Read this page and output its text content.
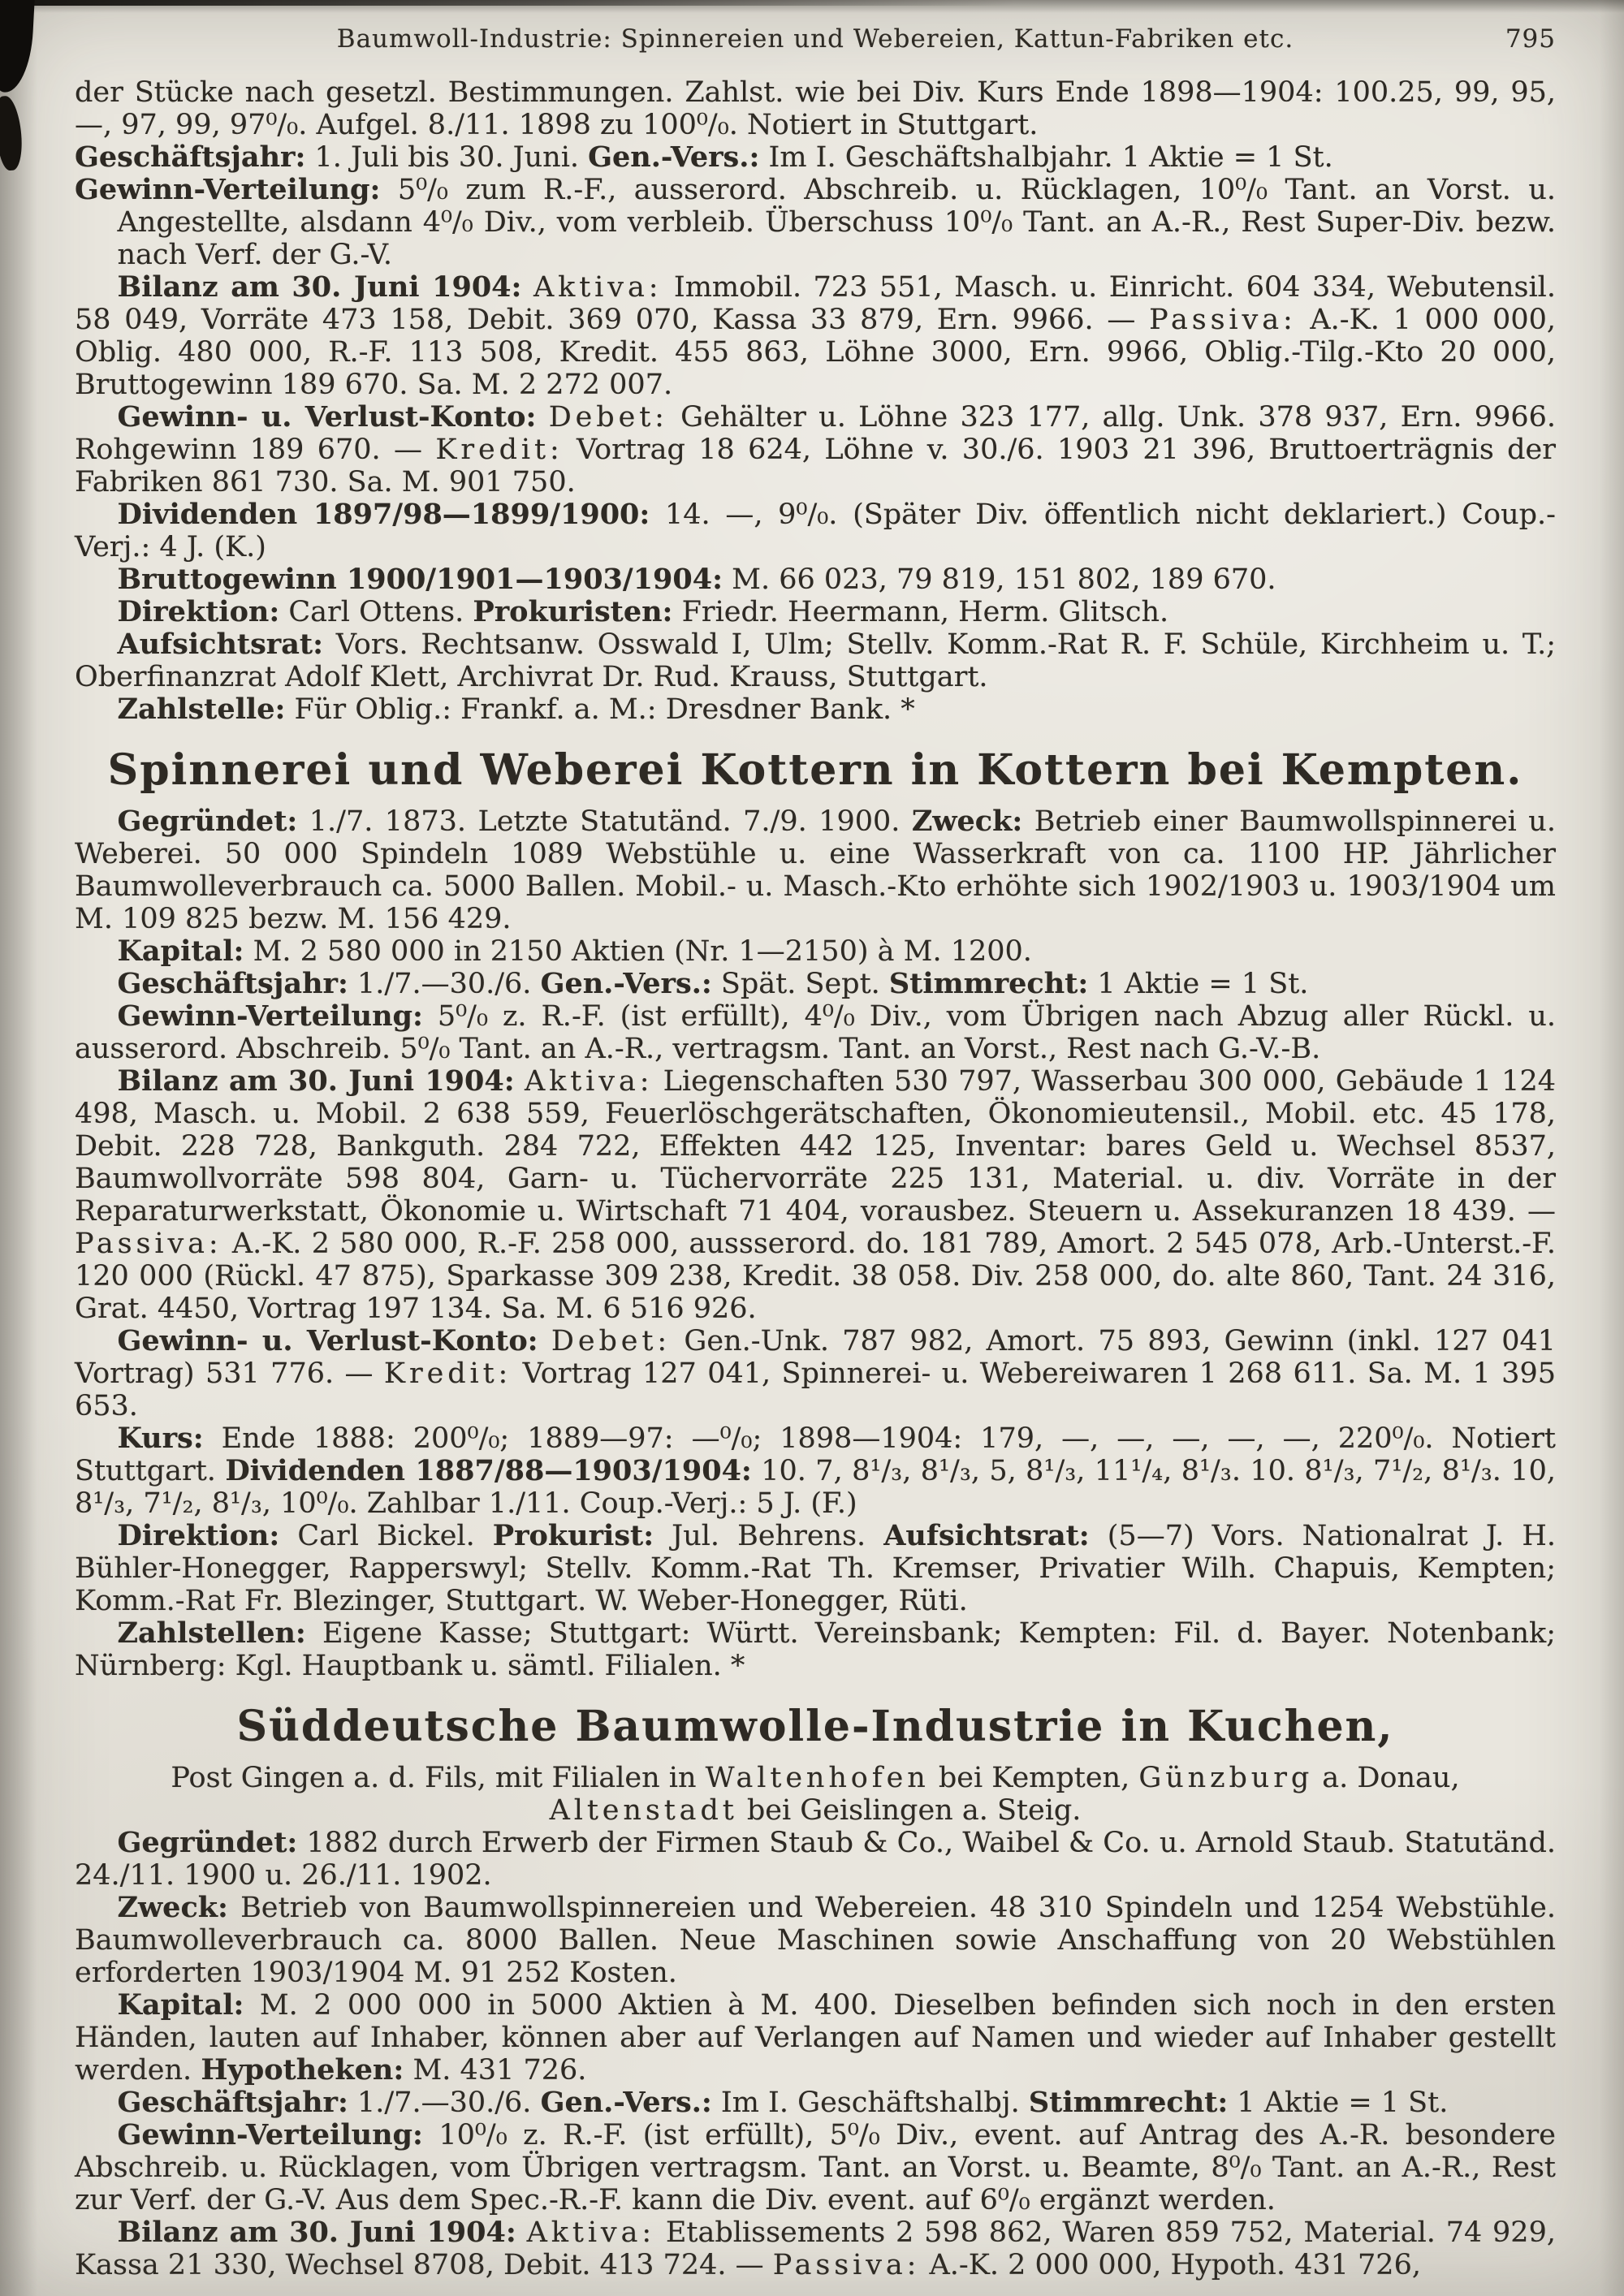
Baumwoll-Industrie: Spinnereien und Webereien, Kattun-Fabriken etc.	795

der Stücke nach gesetzl. Bestimmungen. Zahlst. wie bei Div. Kurs Ende 1898—1904: 100.25, 99, 95, —, 97, 99, 97⁰/₀. Aufgel. 8./11. 1898 zu 100⁰/₀. Notiert in Stuttgart.

Geschäftsjahr: 1. Juli bis 30. Juni. Gen.-Vers.: Im I. Geschäftshalbjahr. 1 Aktie = 1 St.

Gewinn-Verteilung: 5⁰/₀ zum R.-F., ausserord. Abschreib. u. Rücklagen, 10⁰/₀ Tant. an Vorst. u. Angestellte, alsdann 4⁰/₀ Div., vom verbleib. Überschuss 10⁰/₀ Tant. an A.-R., Rest Super-Div. bezw. nach Verf. der G.-V.

Bilanz am 30. Juni 1904: Aktiva: Immobil. 723 551, Masch. u. Einricht. 604 334, Webutensil. 58 049, Vorräte 473 158, Debit. 369 070, Kassa 33 879, Ern. 9966. — Passiva: A.-K. 1 000 000, Oblig. 480 000, R.-F. 113 508, Kredit. 455 863, Löhne 3000, Ern. 9966, Oblig.-Tilg.-Kto 20 000, Bruttogewinn 189 670. Sa. M. 2 272 007.

Gewinn- u. Verlust-Konto: Debet: Gehälter u. Löhne 323 177, allg. Unk. 378 937, Ern. 9966. Rohgewinn 189 670. — Kredit: Vortrag 18 624, Löhne v. 30./6. 1903 21 396, Bruttoerträgnis der Fabriken 861 730. Sa. M. 901 750.

Dividenden 1897/98—1899/1900: 14. —, 9⁰/₀. (Später Div. öffentlich nicht deklariert.) Coup.-Verj.: 4 J. (K.)

Bruttogewinn 1900/1901—1903/1904: M. 66 023, 79 819, 151 802, 189 670.

Direktion: Carl Ottens. Prokuristen: Friedr. Heermann, Herm. Glitsch.

Aufsichtsrat: Vors. Rechtsanw. Osswald I, Ulm; Stellv. Komm.-Rat R. F. Schüle, Kirchheim u. T.; Oberfinanzrat Adolf Klett, Archivrat Dr. Rud. Krauss, Stuttgart.

Zahlstelle: Für Oblig.: Frankf. a. M.: Dresdner Bank. *

Spinnerei und Weberei Kottern in Kottern bei Kempten.

Gegründet: 1./7. 1873. Letzte Statutänd. 7./9. 1900. Zweck: Betrieb einer Baumwollspinnerei u. Weberei. 50 000 Spindeln 1089 Webstühle u. eine Wasserkraft von ca. 1100 HP. Jährlicher Baumwolleverbrauch ca. 5000 Ballen. Mobil.- u. Masch.-Kto erhöhte sich 1902/1903 u. 1903/1904 um M. 109 825 bezw. M. 156 429.

Kapital: M. 2 580 000 in 2150 Aktien (Nr. 1—2150) à M. 1200.

Geschäftsjahr: 1./7.—30./6. Gen.-Vers.: Spät. Sept. Stimmrecht: 1 Aktie = 1 St.

Gewinn-Verteilung: 5⁰/₀ z. R.-F. (ist erfüllt), 4⁰/₀ Div., vom Übrigen nach Abzug aller Rückl. u. ausserord. Abschreib. 5⁰/₀ Tant. an A.-R., vertragsm. Tant. an Vorst., Rest nach G.-V.-B.

Bilanz am 30. Juni 1904: Aktiva: Liegenschaften 530 797, Wasserbau 300 000, Gebäude 1 124 498, Masch. u. Mobil. 2 638 559, Feuerlöschgerätschaften, Ökonomieutensil., Mobil. etc. 45 178, Debit. 228 728, Bankguth. 284 722, Effekten 442 125, Inventar: bares Geld u. Wechsel 8537, Baumwollvorräte 598 804, Garn- u. Tüchervorräte 225 131, Material. u. div. Vorräte in der Reparaturwerkstatt, Ökonomie u. Wirtschaft 71 404, vorausbez. Steuern u. Assekuranzen 18 439. — Passiva: A.-K. 2 580 000, R.-F. 258 000, aussserord. do. 181 789, Amort. 2 545 078, Arb.-Unterst.-F. 120 000 (Rückl. 47 875), Sparkasse 309 238, Kredit. 38 058. Div. 258 000, do. alte 860, Tant. 24 316, Grat. 4450, Vortrag 197 134. Sa. M. 6 516 926.

Gewinn- u. Verlust-Konto: Debet: Gen.-Unk. 787 982, Amort. 75 893, Gewinn (inkl. 127 041 Vortrag) 531 776. — Kredit: Vortrag 127 041, Spinnerei- u. Webereiwaren 1 268 611. Sa. M. 1 395 653.

Kurs: Ende 1888: 200⁰/₀; 1889—97: —⁰/₀; 1898—1904: 179, —, —, —, —, —, 220⁰/₀. Notiert Stuttgart. Dividenden 1887/88—1903/1904: 10. 7, 8¹/₃, 8¹/₃, 5, 8¹/₃, 11¹/₄, 8¹/₃. 10. 8¹/₃, 7¹/₂, 8¹/₃. 10, 8¹/₃, 7¹/₂, 8¹/₃, 10⁰/₀. Zahlbar 1./11. Coup.-Verj.: 5 J. (F.)

Direktion: Carl Bickel. Prokurist: Jul. Behrens. Aufsichtsrat: (5—7) Vors. Nationalrat J. H. Bühler-Honegger, Rapperswyl; Stellv. Komm.-Rat Th. Kremser, Privatier Wilh. Chapuis, Kempten; Komm.-Rat Fr. Blezinger, Stuttgart. W. Weber-Honegger, Rüti.

Zahlstellen: Eigene Kasse; Stuttgart: Württ. Vereinsbank; Kempten: Fil. d. Bayer. Notenbank; Nürnberg: Kgl. Hauptbank u. sämtl. Filialen. *

Süddeutsche Baumwolle-Industrie in Kuchen,

Post Gingen a. d. Fils, mit Filialen in Waltenhofen bei Kempten, Günzburg a. Donau, Altenstadt bei Geislingen a. Steig.

Gegründet: 1882 durch Erwerb der Firmen Staub & Co., Waibel & Co. u. Arnold Staub. Statutänd. 24./11. 1900 u. 26./11. 1902.

Zweck: Betrieb von Baumwollspinnereien und Webereien. 48 310 Spindeln und 1254 Webstühle. Baumwolleverbrauch ca. 8000 Ballen. Neue Maschinen sowie Anschaffung von 20 Webstühlen erforderten 1903/1904 M. 91 252 Kosten.

Kapital: M. 2 000 000 in 5000 Aktien à M. 400. Dieselben befinden sich noch in den ersten Händen, lauten auf Inhaber, können aber auf Verlangen auf Namen und wieder auf Inhaber gestellt werden. Hypotheken: M. 431 726.

Geschäftsjahr: 1./7.—30./6. Gen.-Vers.: Im I. Geschäftshalbj. Stimmrecht: 1 Aktie = 1 St.

Gewinn-Verteilung: 10⁰/₀ z. R.-F. (ist erfüllt), 5⁰/₀ Div., event. auf Antrag des A.-R. besondere Abschreib. u. Rücklagen, vom Übrigen vertragsm. Tant. an Vorst. u. Beamte, 8⁰/₀ Tant. an A.-R., Rest zur Verf. der G.-V. Aus dem Spec.-R.-F. kann die Div. event. auf 6⁰/₀ ergänzt werden.

Bilanz am 30. Juni 1904: Aktiva: Etablissements 2 598 862, Waren 859 752, Material. 74 929, Kassa 21 330, Wechsel 8708, Debit. 413 724. — Passiva: A.-K. 2 000 000, Hypoth. 431 726,
